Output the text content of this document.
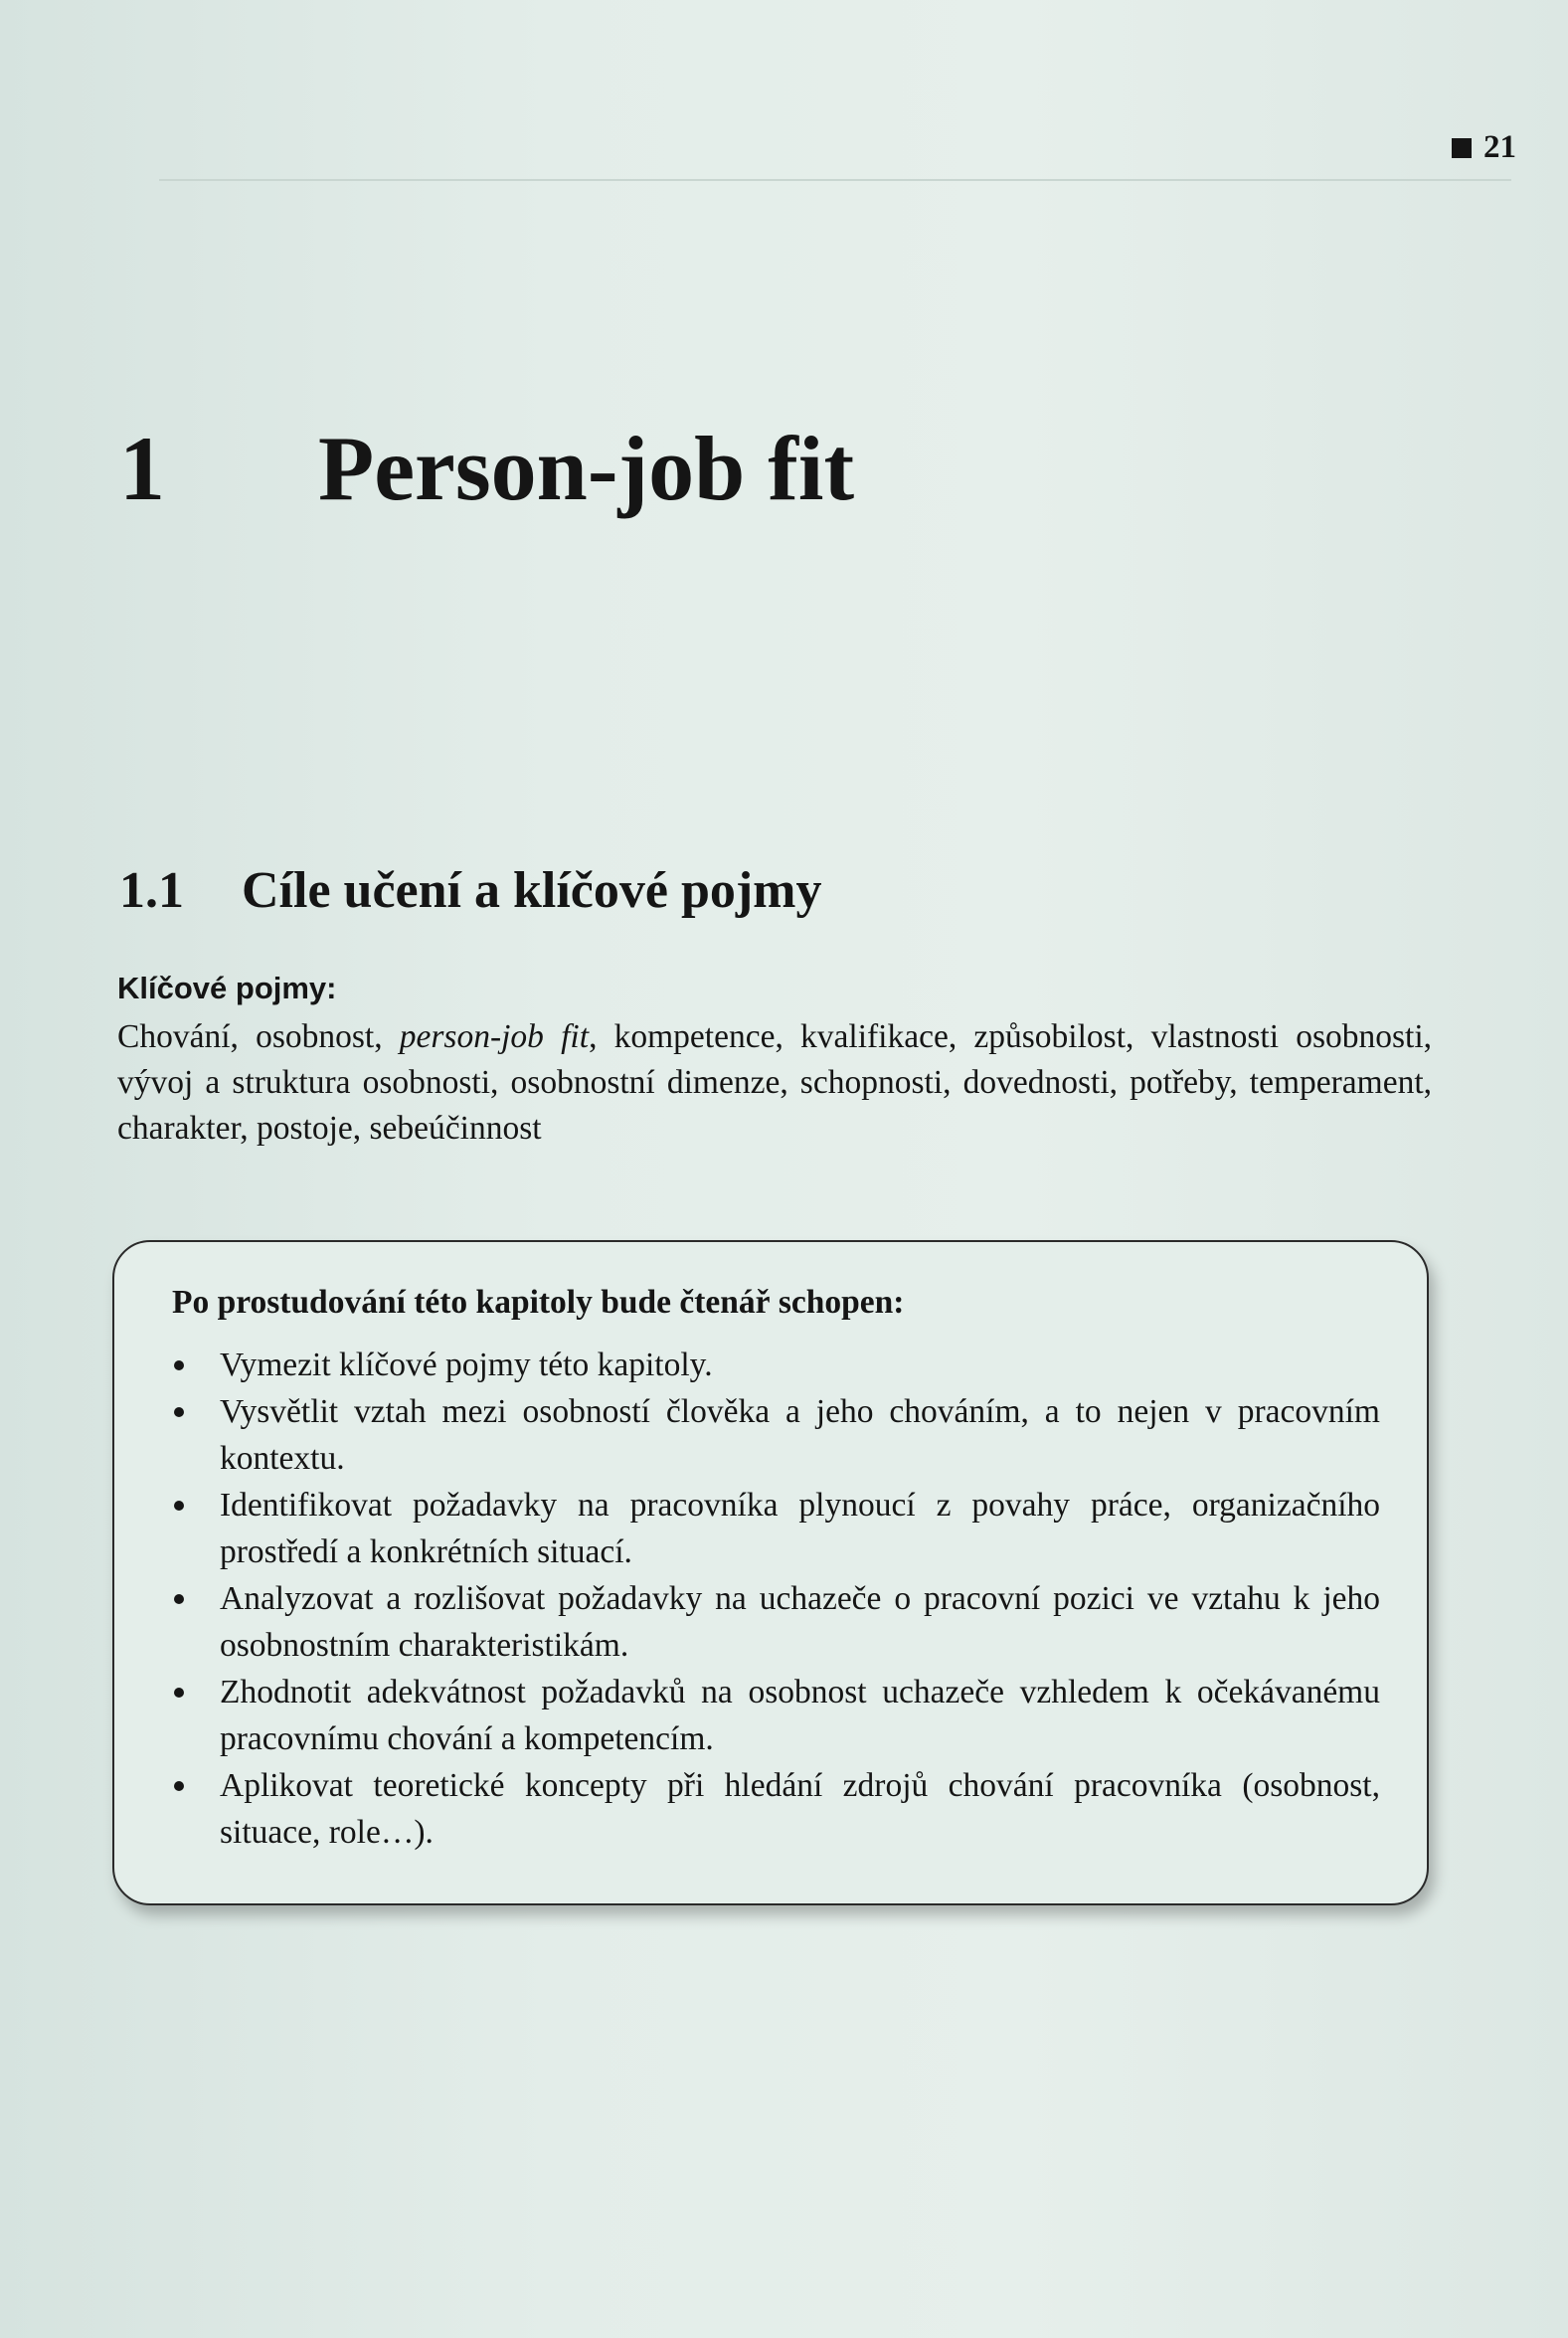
21
1 Person-job fit
1.1 Cíle učení a klíčové pojmy
Klíčové pojmy:
Chování, osobnost, person-job fit, kompetence, kvalifikace, způsobilost, vlastnosti osobnosti, vývoj a struktura osobnosti, osobnostní dimenze, schopnosti, dovednosti, potřeby, temperament, charakter, postoje, sebeúčinnost
Po prostudování této kapitoly bude čtenář schopen:
Vymezit klíčové pojmy této kapitoly.
Vysvětlit vztah mezi osobností člověka a jeho chováním, a to nejen v pracovním kontextu.
Identifikovat požadavky na pracovníka plynoucí z povahy práce, organizačního prostředí a konkrétních situací.
Analyzovat a rozlišovat požadavky na uchazeče o pracovní pozici ve vztahu k jeho osobnostním charakteristikám.
Zhodnotit adekvátnost požadavků na osobnost uchazeče vzhledem k očekávanému pracovnímu chování a kompetencím.
Aplikovat teoretické koncepty při hledání zdrojů chování pracovníka (osobnost, situace, role…).
